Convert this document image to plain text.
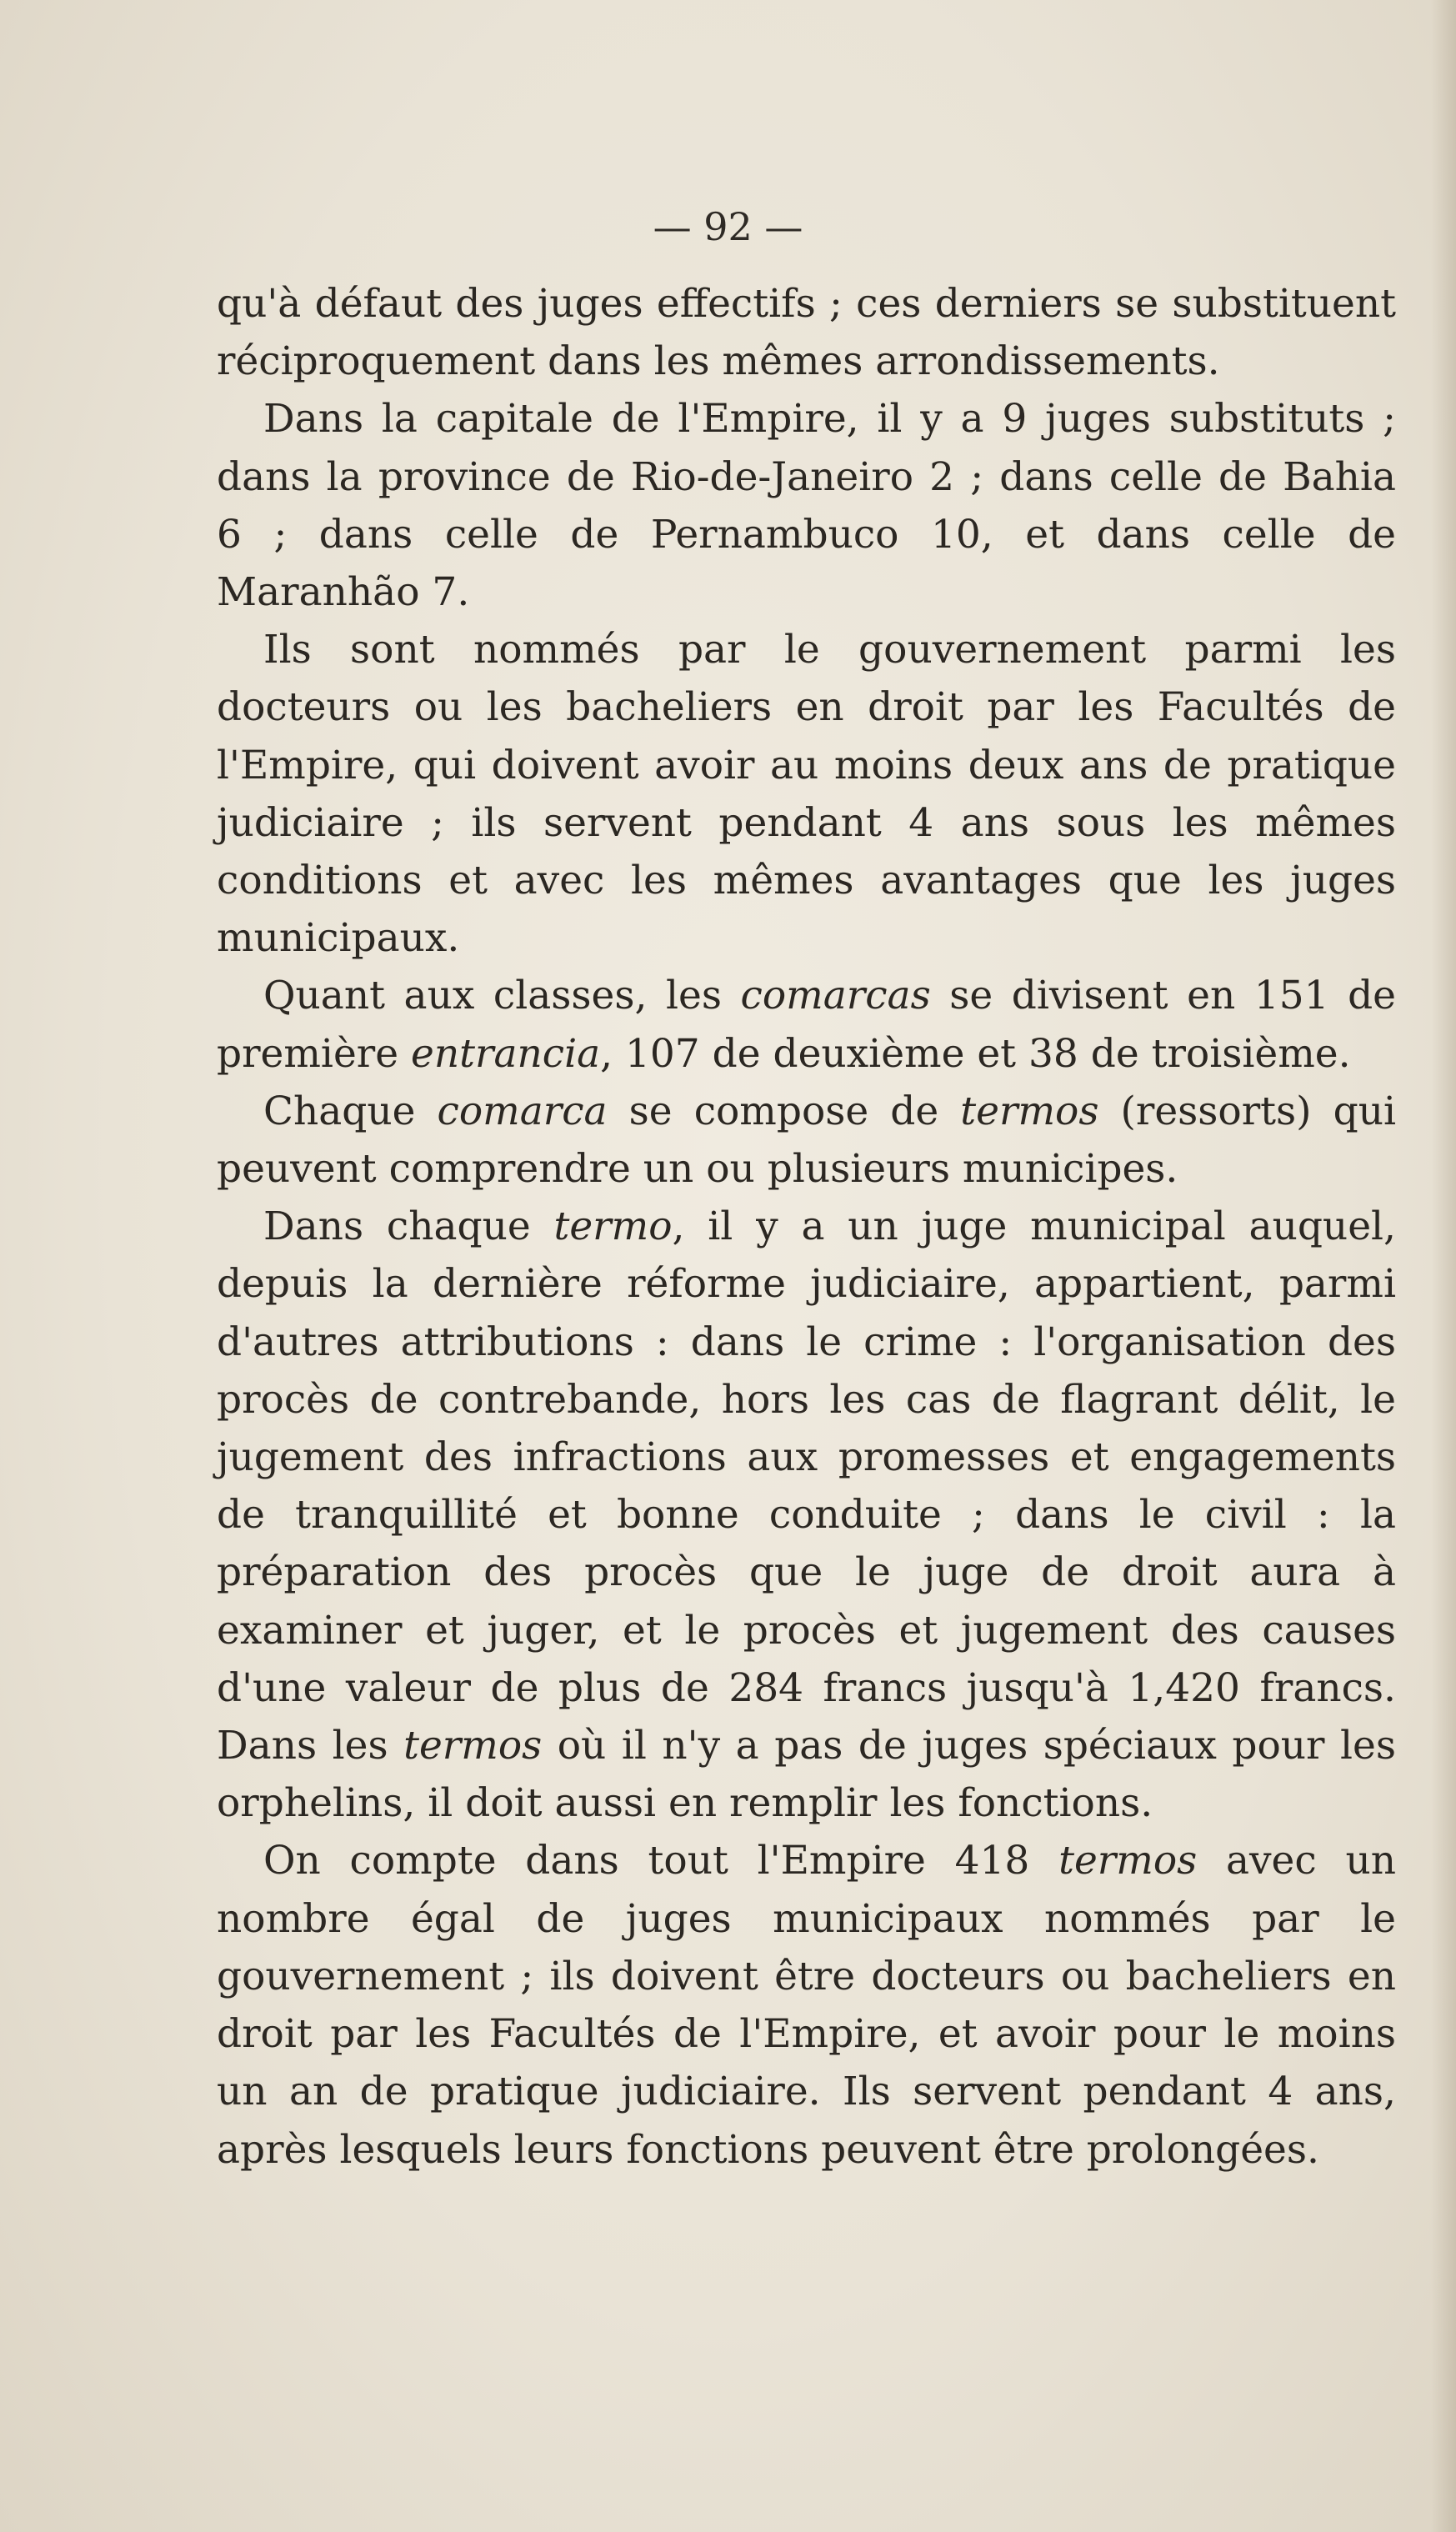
— 92 —

qu'à défaut des juges effectifs ; ces derniers se substituent réciproquement dans les mêmes arrondissements.

Dans la capitale de l'Empire, il y a 9 juges substituts ; dans la province de Rio-de-Janeiro 2 ; dans celle de Bahia 6 ; dans celle de Pernambuco 10, et dans celle de Maranhão 7.

Ils sont nommés par le gouvernement parmi les docteurs ou les bacheliers en droit par les Facultés de l'Empire, qui doivent avoir au moins deux ans de pratique judiciaire ; ils servent pendant 4 ans sous les mêmes conditions et avec les mêmes avantages que les juges municipaux.

Quant aux classes, les comarcas se divisent en 151 de première entrancia, 107 de deuxième et 38 de troisième.

Chaque comarca se compose de termos (ressorts) qui peuvent comprendre un ou plusieurs municipes.

Dans chaque termo, il y a un juge municipal auquel, depuis la dernière réforme judiciaire, appartient, parmi d'autres attributions : dans le crime : l'organisation des procès de contrebande, hors les cas de flagrant délit, le jugement des infractions aux promesses et engagements de tranquillité et bonne conduite ; dans le civil : la préparation des procès que le juge de droit aura à examiner et juger, et le procès et jugement des causes d'une valeur de plus de 284 francs jusqu'à 1,420 francs. Dans les termos où il n'y a pas de juges spéciaux pour les orphelins, il doit aussi en remplir les fonctions.

On compte dans tout l'Empire 418 termos avec un nombre égal de juges municipaux nommés par le gouvernement ; ils doivent être docteurs ou bacheliers en droit par les Facultés de l'Empire, et avoir pour le moins un an de pratique judiciaire. Ils servent pendant 4 ans, après lesquels leurs fonctions peuvent être prolongées.
